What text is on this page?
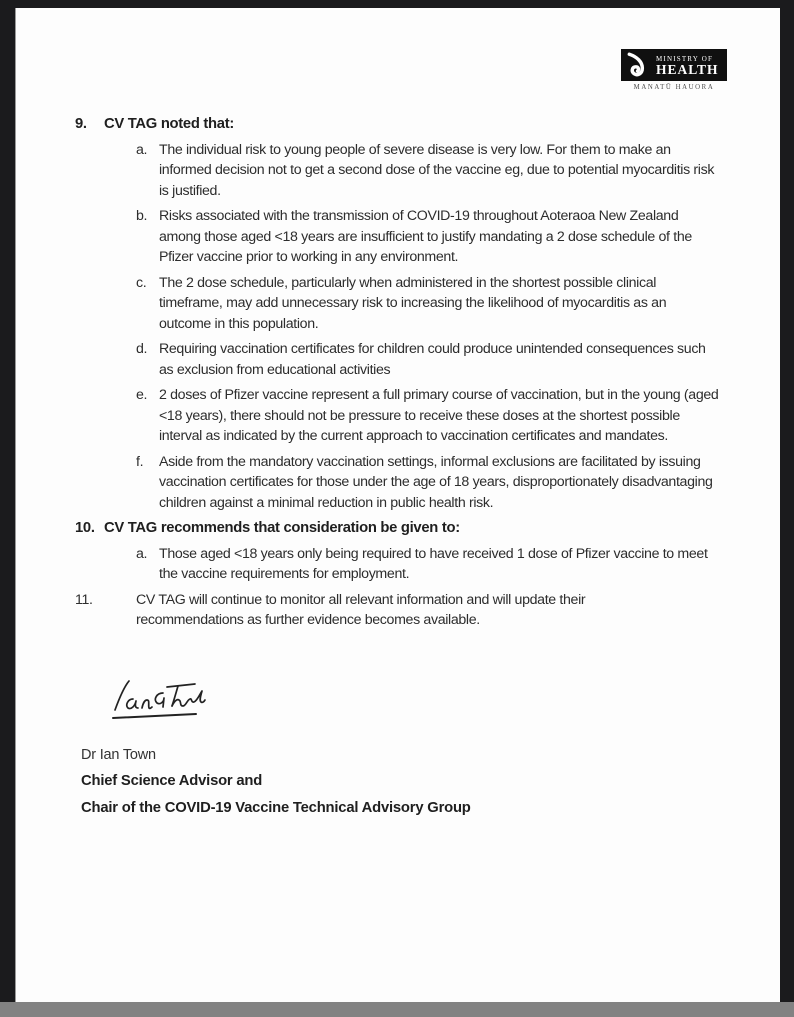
MINISTRY OF
HEALTH
MANATŪ HAUORA
9.	CV TAG noted that:
a. The individual risk to young people of severe disease is very low. For them to make an informed decision not to get a second dose of the vaccine eg, due to potential myocarditis risk is justified.
b. Risks associated with the transmission of COVID-19 throughout Aoteraoa New Zealand among those aged <18 years are insufficient to justify mandating a 2 dose schedule of the Pfizer vaccine prior to working in any environment.
c. The 2 dose schedule, particularly when administered in the shortest possible clinical timeframe, may add unnecessary risk to increasing the likelihood of myocarditis as an outcome in this population.
d. Requiring vaccination certificates for children could produce unintended consequences such as exclusion from educational activities
e. 2 doses of Pfizer vaccine represent a full primary course of vaccination, but in the young (aged <18 years), there should not be pressure to receive these doses at the shortest possible interval as indicated by the current approach to vaccination certificates and mandates.
f.	Aside from the mandatory vaccination settings, informal exclusions are facilitated by issuing vaccination certificates for those under the age of 18 years, disproportionately disadvantaging children against a minimal reduction in public health risk.
10. CV TAG recommends that consideration be given to:
a. Those aged <18 years only being required to have received 1 dose of Pfizer vaccine to meet the vaccine requirements for employment.
11.	CV TAG will continue to monitor all relevant information and will update their recommendations as further evidence becomes available.
Dr Ian Town
Chief Science Advisor and
Chair of the COVID-19 Vaccine Technical Advisory Group
